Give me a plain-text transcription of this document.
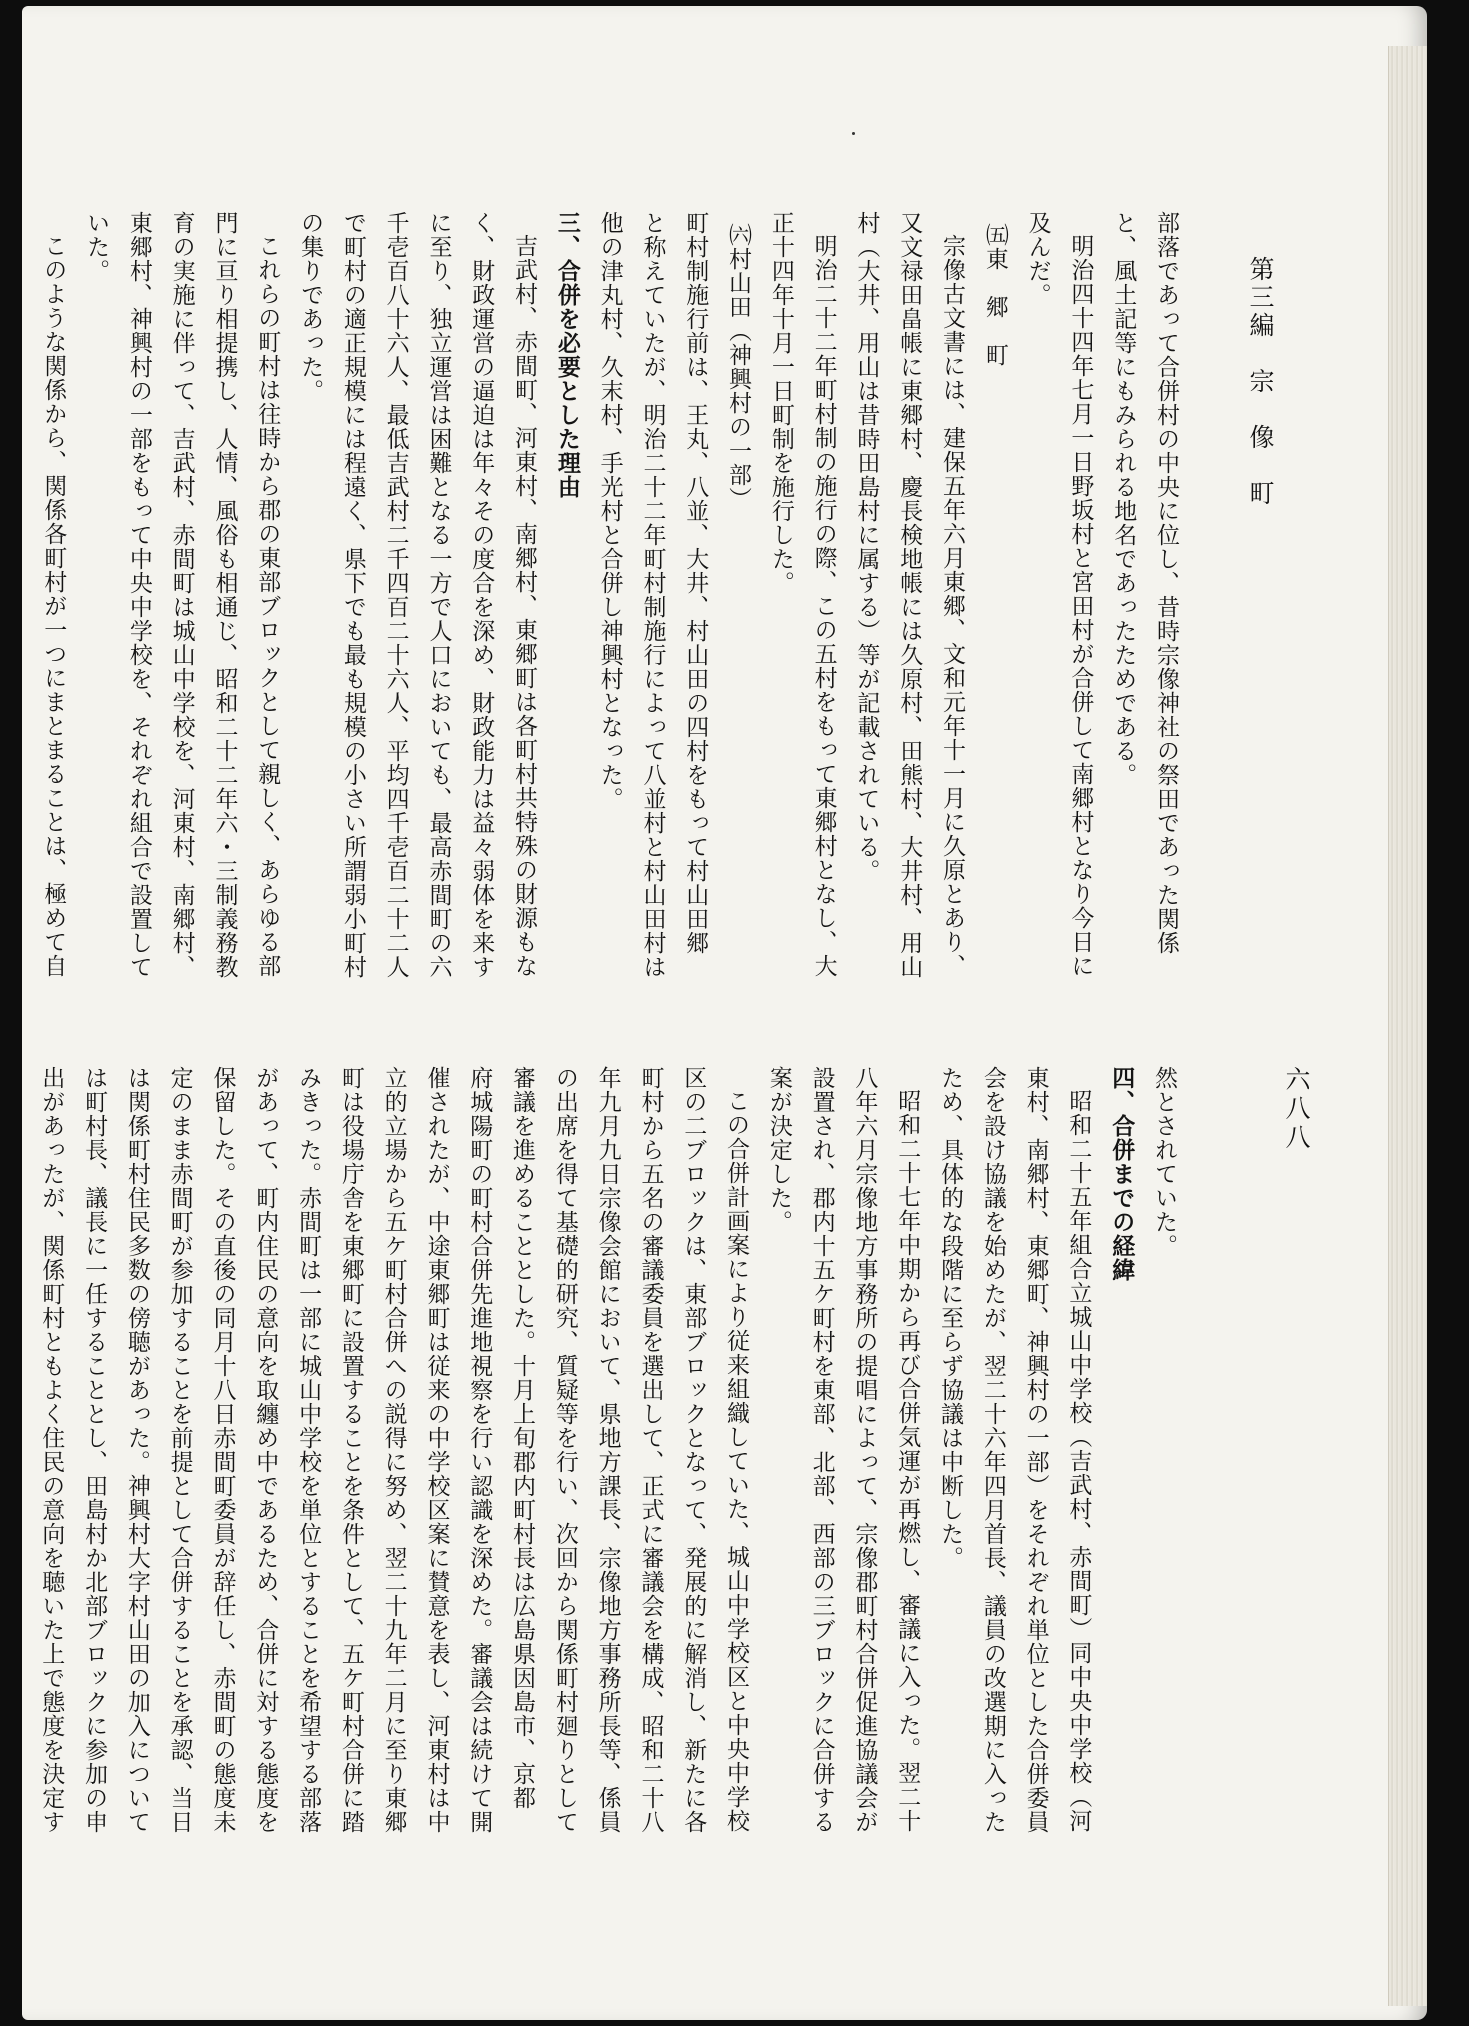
第三編　宗　像　町
六八八

部落であって合併村の中央に位し、昔時宗像神社の祭田であった関係

と、風土記等にもみられる地名であったためである。

明治四十四年七月一日野坂村と宮田村が合併して南郷村となり今日に

及んだ。

㈤東　郷　町

宗像古文書には、建保五年六月東郷、文和元年十一月に久原とあり、

又文禄田畠帳に東郷村、慶長検地帳には久原村、田熊村、大井村、用山

村（大井、用山は昔時田島村に属する）等が記載されている。

明治二十二年町村制の施行の際、この五村をもって東郷村となし、大

正十四年十月一日町制を施行した。

㈥村山田（神興村の一部）

町村制施行前は、王丸、八並、大井、村山田の四村をもって村山田郷

と称えていたが、明治二十二年町村制施行によって八並村と村山田村は

他の津丸村、久末村、手光村と合併し神興村となった。

三、合併を必要とした理由

吉武村、赤間町、河東村、南郷村、東郷町は各町村共特殊の財源もな

く、財政運営の逼迫は年々その度合を深め、財政能力は益々弱体を来す

に至り、独立運営は困難となる一方で人口においても、最高赤間町の六

千壱百八十六人、最低吉武村二千四百二十六人、平均四千壱百二十二人

で町村の適正規模には程遠く、県下でも最も規模の小さい所謂弱小町村

の集りであった。

これらの町村は往時から郡の東部ブロックとして親しく、あらゆる部

門に亘り相提携し、人情、風俗も相通じ、昭和二十二年六・三制義務教

育の実施に伴って、吉武村、赤間町は城山中学校を、河東村、南郷村、

東郷村、神興村の一部をもって中央中学校を、それぞれ組合で設置して

いた。

このような関係から、関係各町村が一つにまとまることは、極めて自

然とされていた。

四、合併までの経緯

昭和二十五年組合立城山中学校（吉武村、赤間町）同中央中学校（河

東村、南郷村、東郷町、神興村の一部）をそれぞれ単位とした合併委員

会を設け協議を始めたが、翌二十六年四月首長、議員の改選期に入った

ため、具体的な段階に至らず協議は中断した。

昭和二十七年中期から再び合併気運が再燃し、審議に入った。翌二十

八年六月宗像地方事務所の提唱によって、宗像郡町村合併促進協議会が

設置され、郡内十五ケ町村を東部、北部、西部の三ブロックに合併する

案が決定した。

この合併計画案により従来組織していた、城山中学校区と中央中学校

区の二ブロックは、東部ブロックとなって、発展的に解消し、新たに各

町村から五名の審議委員を選出して、正式に審議会を構成、昭和二十八

年九月九日宗像会館において、県地方課長、宗像地方事務所長等、係員

の出席を得て基礎的研究、質疑等を行い、次回から関係町村廻りとして

審議を進めることとした。十月上旬郡内町村長は広島県因島市、京都

府城陽町の町村合併先進地視察を行い認識を深めた。審議会は続けて開

催されたが、中途東郷町は従来の中学校区案に賛意を表し、河東村は中

立的立場から五ケ町村合併への説得に努め、翌二十九年二月に至り東郷

町は役場庁舎を東郷町に設置することを条件として、五ケ町村合併に踏

みきった。赤間町は一部に城山中学校を単位とすることを希望する部落

があって、町内住民の意向を取纏め中であるため、合併に対する態度を

保留した。その直後の同月十八日赤間町委員が辞任し、赤間町の態度未

定のまま赤間町が参加することを前提として合併することを承認、当日

は関係町村住民多数の傍聴があった。神興村大字村山田の加入について

は町村長、議長に一任することとし、田島村か北部ブロックに参加の申

出があったが、関係町村ともよく住民の意向を聴いた上で態度を決定す
